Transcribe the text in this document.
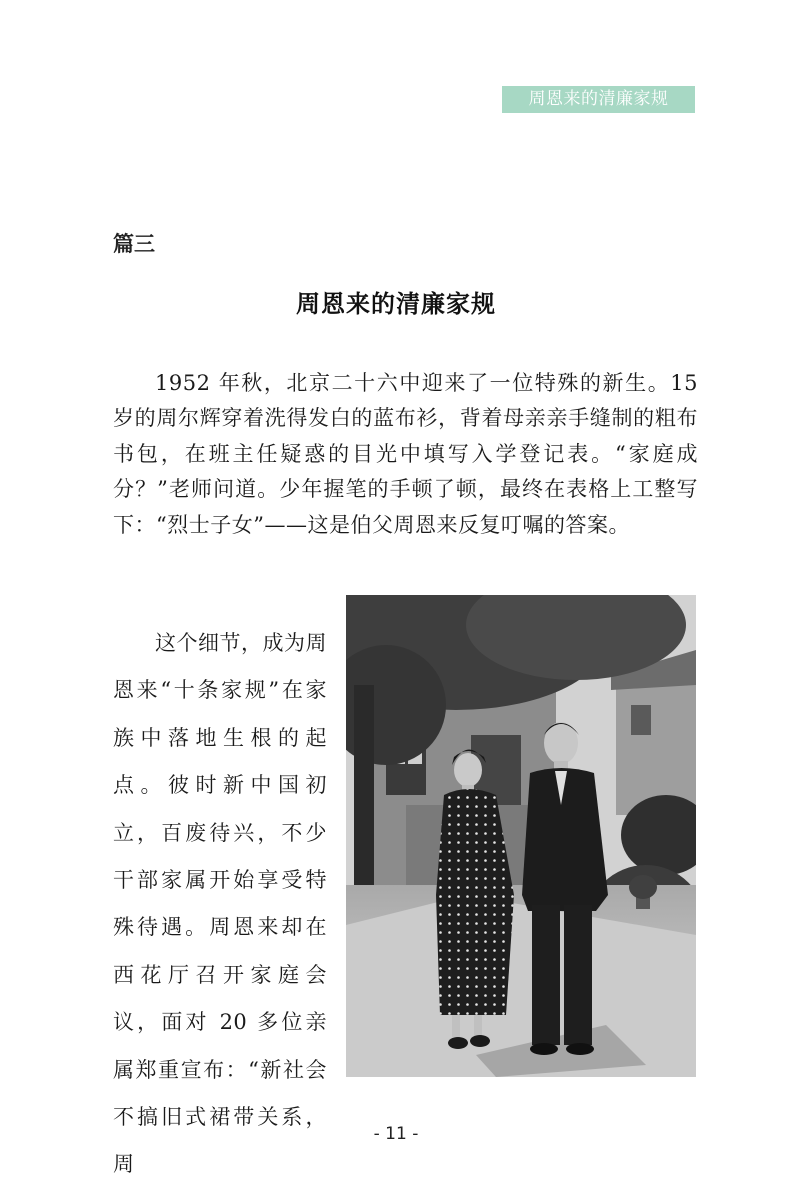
周恩来的清廉家规
篇三
周恩来的清廉家规

1952 年秋，北京二十六中迎来了一位特殊的新生。15 岁的周尔辉穿着洗得发白的蓝布衫，背着母亲亲手缝制的粗布书包，在班主任疑惑的目光中填写入学登记表。“家庭成分？”老师问道。少年握笔的手顿了顿，最终在表格上工整写下：“烈士子女”——这是伯父周恩来反复叮嘱的答案。

这个细节，成为周恩来“十条家规”在家族中落地生根的起点。彼时新中国初立，百废待兴，不少干部家属开始享受特殊待遇。周恩来却在西花厅召开家庭会议，面对 20 多位亲属郑重宣布：“新社会不搞旧式裙带关系，周

- 11 -
